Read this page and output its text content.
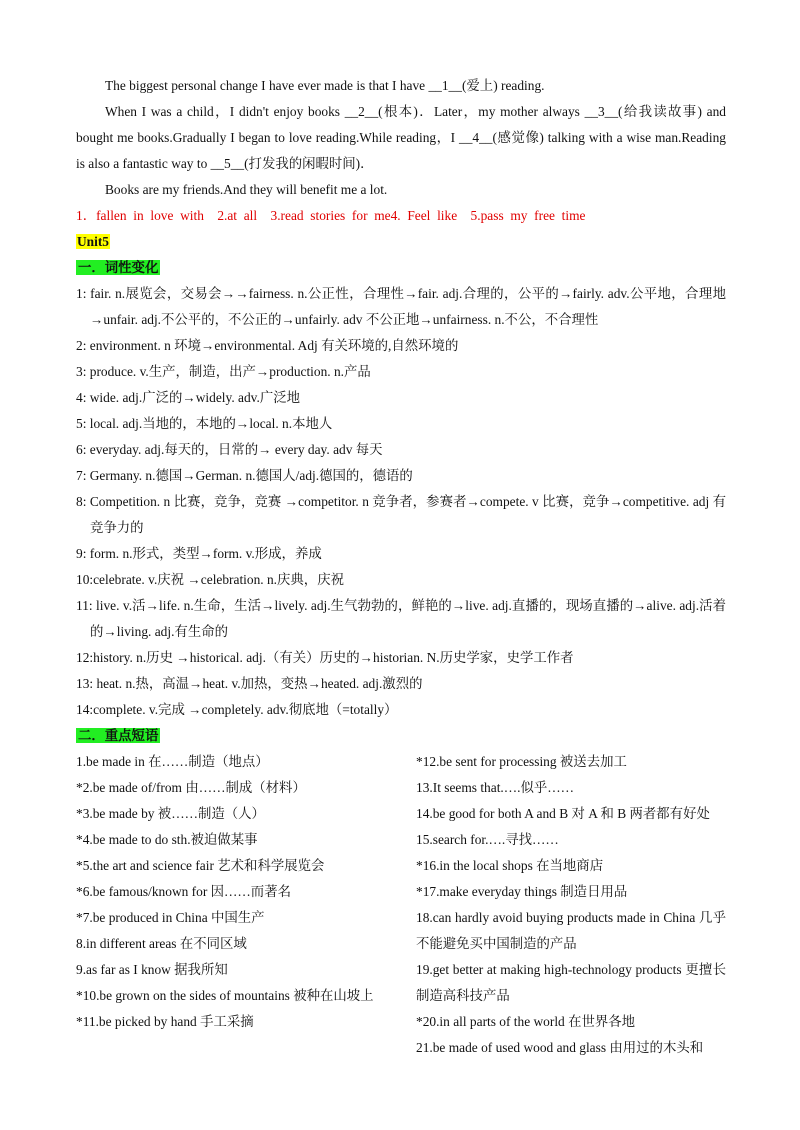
The biggest personal change I have ever made is that I have __1__(爱上) reading.

When I was a child，I didn't enjoy books __2__(根本)．Later，my mother always __3__(给我读故事) and bought me books.Gradually I began to love reading.While reading，I __4__(感觉像) talking with a wise man.Reading is also a fantastic way to __5__(打发我的闲暇时间)．

Books are my friends.And they will benefit me a lot.

1．fallen  in  love  with    2.at  all    3.read  stories  for  me4.  Feel  like    5.pass  my  free  time

Unit5

一．词性变化

1: fair. n.展览会，交易会→→fairness. n.公正性，合理性→fair. adj.合理的，公平的→fairly. adv.公平地，合理地→unfair. adj.不公平的，不公正的→unfairly. adv 不公正地→unfairness. n.不公，不合理性
2: environment. n 环境→environmental. Adj 有关环境的,自然环境的
3: produce. v.生产，制造，出产→production. n.产品
4: wide. adj.广泛的→widely. adv.广泛地
5: local. adj.当地的，本地的→local. n.本地人
6: everyday. adj.每天的，日常的→ every day. adv 每天
7: Germany. n.德国→German. n.德国人/adj.德国的，德语的
8: Competition. n 比赛，竞争，竞赛 →competitor. n 竞争者，参赛者→compete. v 比赛，竞争→competitive. adj 有竞争力的
9: form. n.形式，类型→form. v.形成，养成
10:celebrate. v.庆祝 →celebration. n.庆典，庆祝
11: live. v.活→life. n.生命，生活→lively. adj.生气勃勃的，鲜艳的→live. adj.直播的，现场直播的→alive. adj.活着的→living. adj.有生命的
12:history. n.历史 →historical. adj.（有关）历史的→historian. N.历史学家，史学工作者
13: heat. n.热，高温→heat. v.加热，变热→heated. adj.激烈的
14:complete. v.完成 →completely. adv.彻底地（=totally）

二．重点短语

1.be made in 在……制造（地点）
*2.be made of/from 由……制成（材料）
*3.be made by 被……制造（人）
*4.be made to do sth.被迫做某事
*5.the art and science fair 艺术和科学展览会
*6.be famous/known for 因……而著名
*7.be produced in China 中国生产
8.in different areas 在不同区域
9.as far as I know 据我所知
*10.be grown on the sides of mountains 被种在山坡上
*11.be picked by hand 手工采摘
*12.be sent for processing 被送去加工
13.It seems that.….似乎……
14.be good for both A and B 对 A 和 B 两者都有好处
15.search for.….寻找……
*16.in the local shops 在当地商店
*17.make everyday things 制造日用品
18.can hardly avoid buying products made in China 几乎不能避免买中国制造的产品
19.get better at making high-technology products 更擅长制造高科技产品
*20.in all parts of the world 在世界各地
21.be made of used wood and glass 由用过的木头和
